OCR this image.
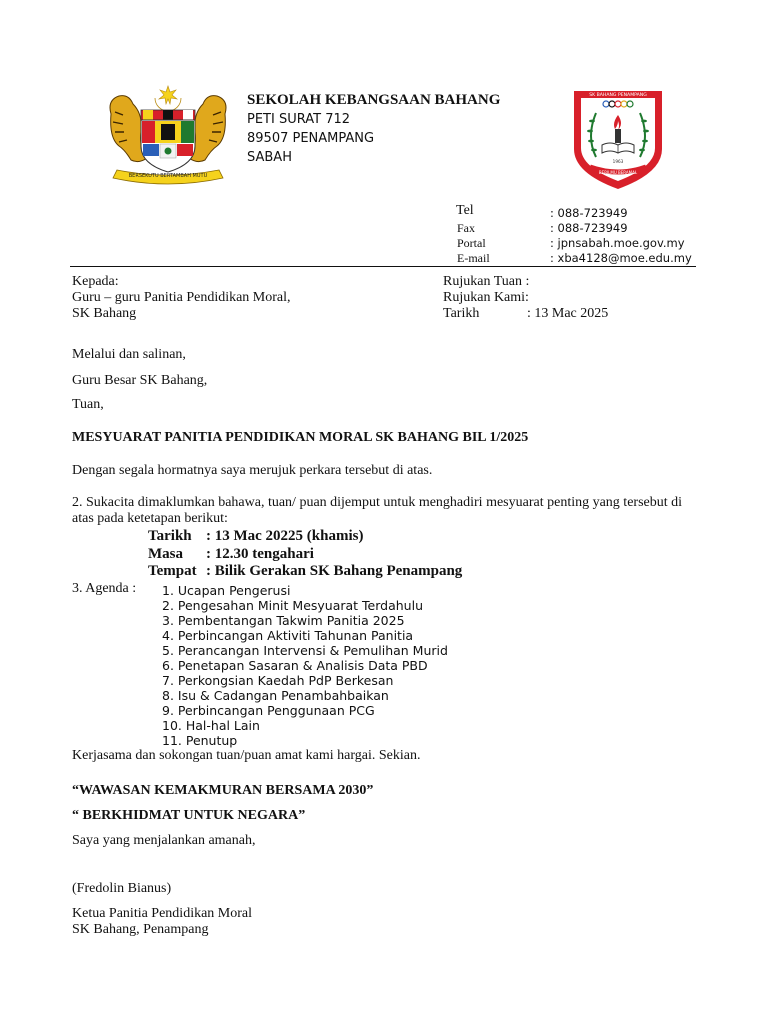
BERSEKUTU BERTAMBAH MUTU
SEKOLAH KEBANGSAAN BAHANG
PETI SURAT 712
89507 PENAMPANG
SABAH
SK BAHANG PENAMPANG
1963
BERILMU BERAMAL
Tel	: 088-723949
Fax	: 088-723949
Portal	: jpnsabah.moe.gov.my
E-mail	: xba4128@moe.edu.my
Kepada:
Guru – guru Panitia Pendidikan Moral,
SK Bahang
Rujukan Tuan :
Rujukan Kami:
Tarikh	: 13 Mac 2025
Melalui dan salinan,
Guru Besar SK Bahang,
Tuan,
MESYUARAT PANITIA PENDIDIKAN MORAL SK BAHANG BIL 1/2025
Dengan segala hormatnya saya merujuk perkara tersebut di atas.
2. Sukacita dimaklumkan bahawa, tuan/ puan dijemput untuk menghadiri mesyuarat penting yang tersebut di
atas pada ketetapan berikut:
Tarikh : 13 Mac 20225 (khamis)
Masa : 12.30 tengahari
Tempat : Bilik Gerakan SK Bahang Penampang
3. Agenda : 1. Ucapan Pengerusi
2. Pengesahan Minit Mesyuarat Terdahulu
3. Pembentangan Takwim Panitia 2025
4. Perbincangan Aktiviti Tahunan Panitia
5. Perancangan Intervensi & Pemulihan Murid
6. Penetapan Sasaran & Analisis Data PBD
7. Perkongsian Kaedah PdP Berkesan
8. Isu & Cadangan Penambahbaikan
9. Perbincangan Penggunaan PCG
10. Hal-hal Lain
11. Penutup
Kerjasama dan sokongan tuan/puan amat kami hargai. Sekian.
“WAWASAN KEMAKMURAN BERSAMA 2030”
“ BERKHIDMAT UNTUK NEGARA”
Saya yang menjalankan amanah,
(Fredolin Bianus)
Ketua Panitia Pendidikan Moral
SK Bahang, Penampang
